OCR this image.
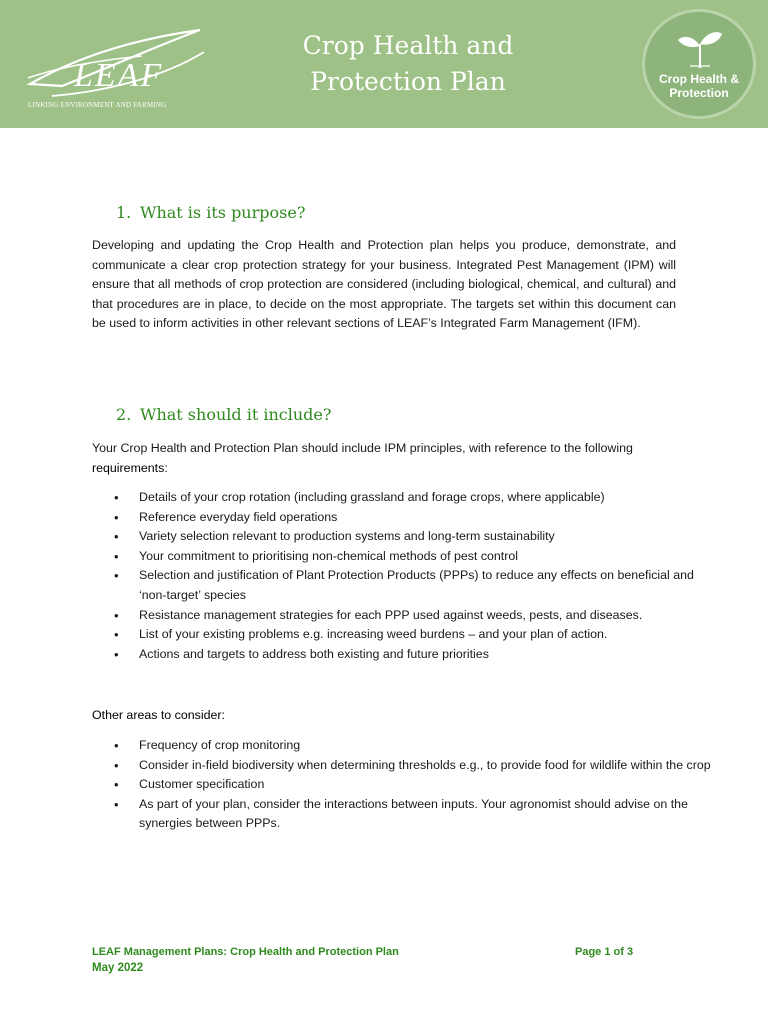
LEAF
LINKING ENVIRONMENT AND FARMING
Crop Health and
Protection Plan	Crop Health &
Protection
1. What is its purpose?
Developing and updating the Crop Health and Protection plan helps you produce, demonstrate, and communicate a clear crop protection strategy for your business. Integrated Pest Management (IPM) will ensure that all methods of crop protection are considered (including biological, chemical, and cultural) and that procedures are in place, to decide on the most appropriate. The targets set within this document can be used to inform activities in other relevant sections of LEAF’s Integrated Farm Management (IFM).
2. What should it include?
Your Crop Health and Protection Plan should include IPM principles, with reference to the following requirements:
• Details of your crop rotation (including grassland and forage crops, where applicable)
• Reference everyday field operations
• Variety selection relevant to production systems and long-term sustainability
• Your commitment to prioritising non-chemical methods of pest control
• Selection and justification of Plant Protection Products (PPPs) to reduce any effects on beneficial and ‘non-target’ species
• Resistance management strategies for each PPP used against weeds, pests, and diseases.
• List of your existing problems e.g. increasing weed burdens – and your plan of action.
• Actions and targets to address both existing and future priorities
Other areas to consider:
• Frequency of crop monitoring
• Consider in-field biodiversity when determining thresholds e.g., to provide food for wildlife within the crop
• Customer specification
• As part of your plan, consider the interactions between inputs. Your agronomist should advise on the synergies between PPPs.
LEAF Management Plans: Crop Health and Protection Plan
May 2022
Page 1 of 3
